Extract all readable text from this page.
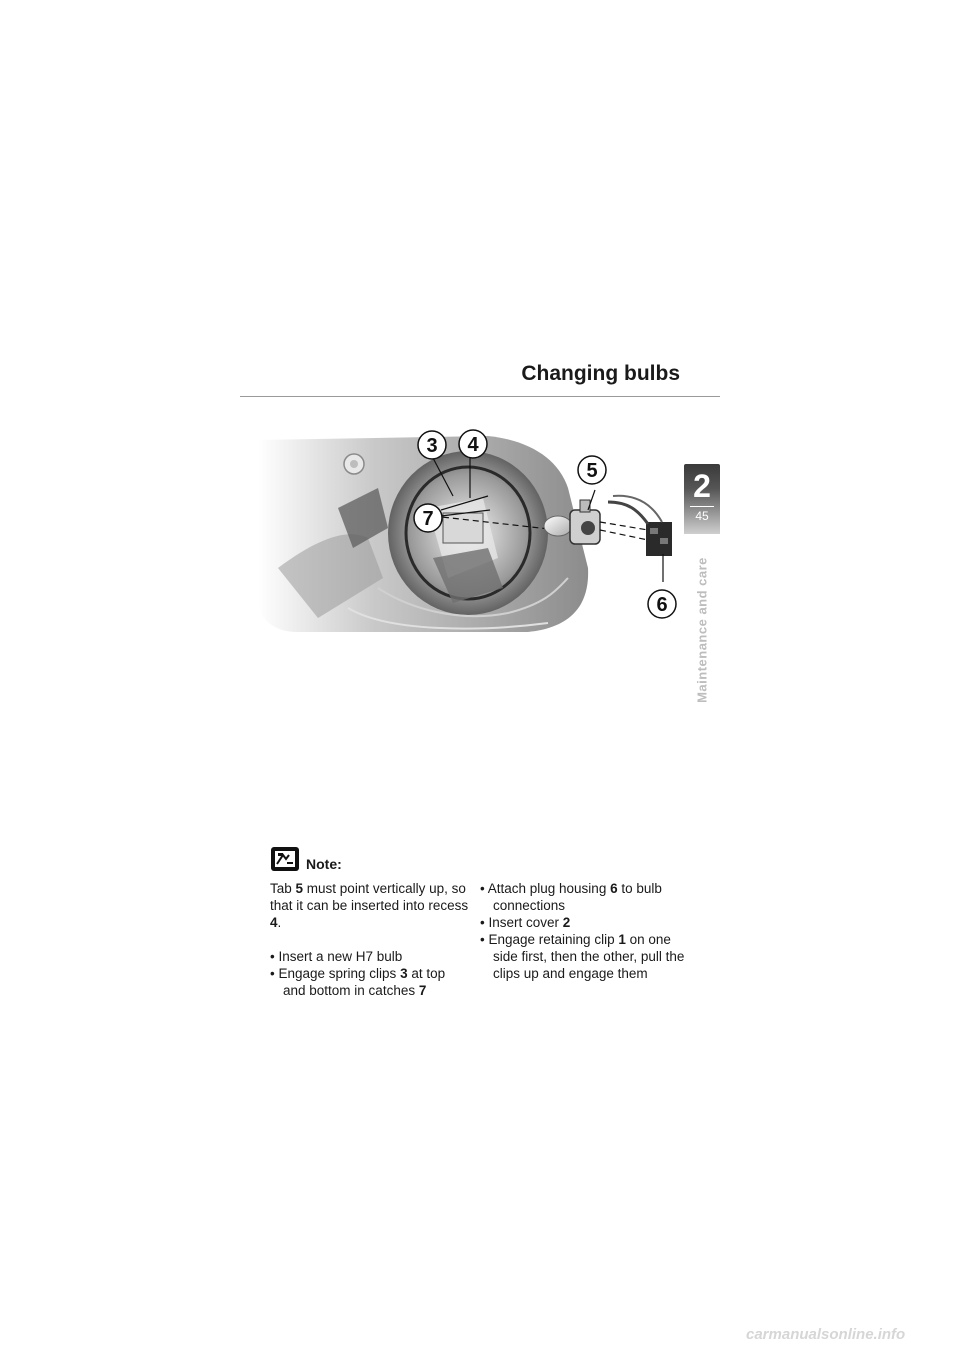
Changing bulbs
2
45
Maintenance and care
3 4
5
7
6
Note:

Tab 5 must point vertically up, so that it can be inserted into recess 4.

• Insert a new H7 bulb

• Engage spring clips 3 at top and bottom in catches 7

• Attach plug housing 6 to bulb connections

• Insert cover 2

• Engage retaining clip 1 on one side first, then the other, pull the clips up and engage them

carmanualsonline.info
